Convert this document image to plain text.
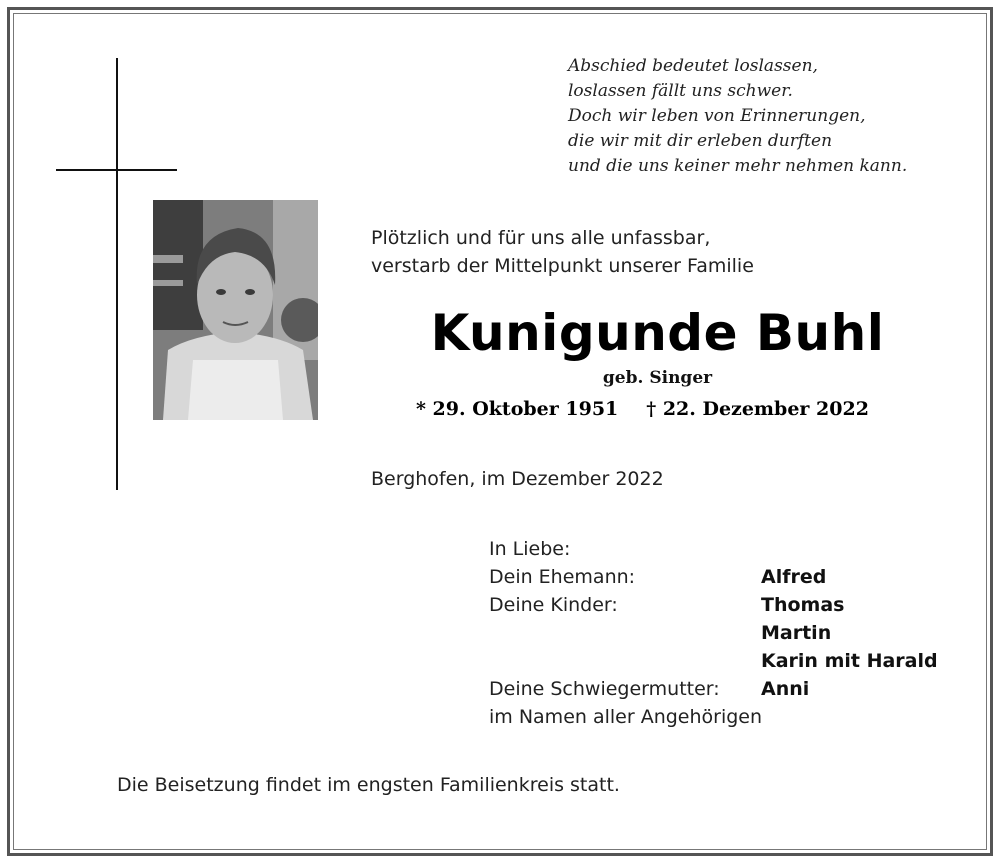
Abschied bedeutet loslassen,
loslassen fällt uns schwer.
Doch wir leben von Erinnerungen,
die wir mit dir erleben durften
und die uns keiner mehr nehmen kann.
Plötzlich und für uns alle unfassbar,
verstarb der Mittelpunkt unserer Familie
Kunigunde Buhl
geb. Singer
* 29. Oktober 1951 † 22. Dezember 2022
Berghofen, im Dezember 2022
In Liebe:
Dein Ehemann:	Alfred
Deine Kinder:	Thomas
Martin
Karin mit Harald
Deine Schwiegermutter: Anni
im Namen aller Angehörigen
Die Beisetzung findet im engsten Familienkreis statt.
